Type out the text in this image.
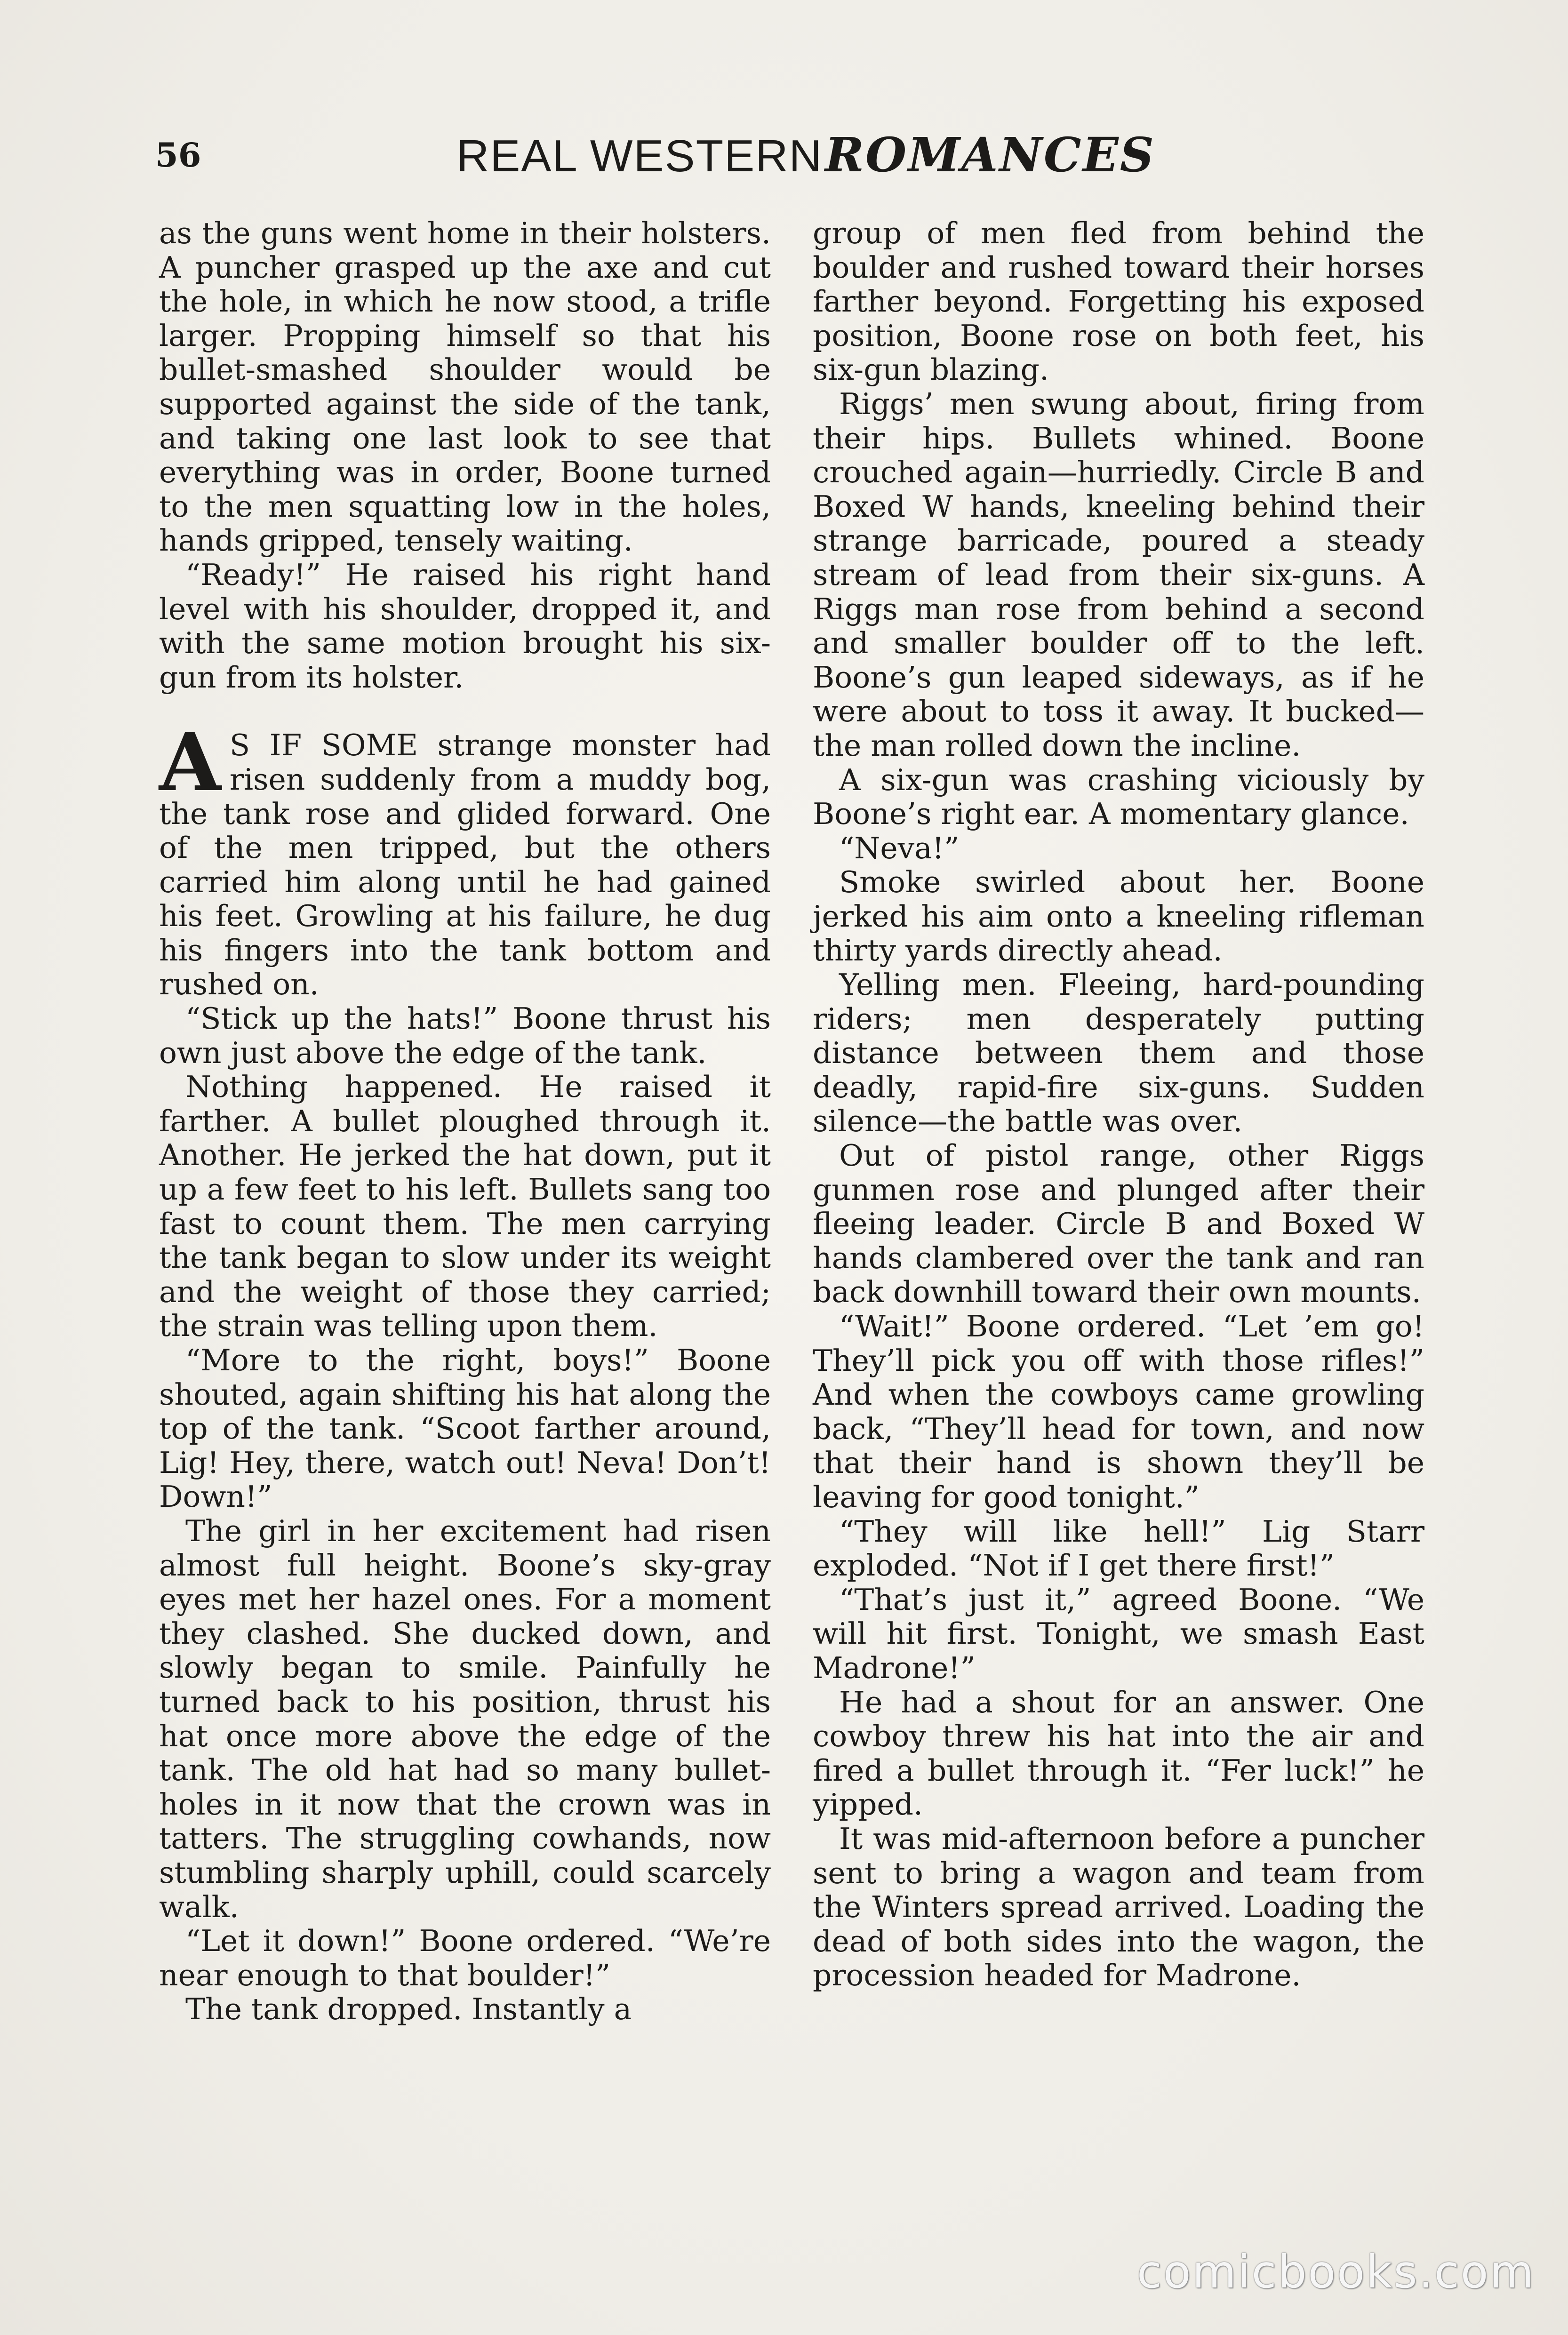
56	REAL WESTERN ROMANCES

as the guns went home in their holsters. A puncher grasped up the axe and cut the hole, in which he now stood, a trifle larger. Propping himself so that his bullet-smashed shoulder would be supported against the side of the tank, and taking one last look to see that everything was in order, Boone turned to the men squatting low in the holes, hands gripped, tensely waiting.

“Ready!” He raised his right hand level with his shoulder, dropped it, and with the same motion brought his six-gun from its holster.

A S IF SOME strange monster had risen suddenly from a muddy bog, the tank rose and glided forward. One of the men tripped, but the others carried him along until he had gained his feet. Growling at his failure, he dug his fingers into the tank bottom and rushed on.

“Stick up the hats!” Boone thrust his own just above the edge of the tank.

Nothing happened. He raised it farther. A bullet ploughed through it. Another. He jerked the hat down, put it up a few feet to his left. Bullets sang too fast to count them. The men carrying the tank began to slow under its weight and the weight of those they carried; the strain was telling upon them.

“More to the right, boys!” Boone shouted, again shifting his hat along the top of the tank. “Scoot farther around, Lig! Hey, there, watch out! Neva! Don’t! Down!”

The girl in her excitement had risen almost full height. Boone’s sky-gray eyes met her hazel ones. For a moment they clashed. She ducked down, and slowly began to smile. Painfully he turned back to his position, thrust his hat once more above the edge of the tank. The old hat had so many bullet-holes in it now that the crown was in tatters. The struggling cowhands, now stumbling sharply uphill, could scarcely walk.

“Let it down!” Boone ordered. “We’re near enough to that boulder!”

The tank dropped. Instantly a

group of men fled from behind the boulder and rushed toward their horses farther beyond. Forgetting his exposed position, Boone rose on both feet, his six-gun blazing.

Riggs’ men swung about, firing from their hips. Bullets whined. Boone crouched again—hurriedly. Circle B and Boxed W hands, kneeling behind their strange barricade, poured a steady stream of lead from their six-guns. A Riggs man rose from behind a second and smaller boulder off to the left. Boone’s gun leaped sideways, as if he were about to toss it away. It bucked—the man rolled down the incline.

A six-gun was crashing viciously by Boone’s right ear. A momentary glance.

“Neva!”

Smoke swirled about her. Boone jerked his aim onto a kneeling rifleman thirty yards directly ahead.

Yelling men. Fleeing, hard-pounding riders; men desperately putting distance between them and those deadly, rapid-fire six-guns. Sudden silence—the battle was over.

Out of pistol range, other Riggs gunmen rose and plunged after their fleeing leader. Circle B and Boxed W hands clambered over the tank and ran back downhill toward their own mounts.

“Wait!” Boone ordered. “Let ’em go! They’ll pick you off with those rifles!” And when the cowboys came growling back, “They’ll head for town, and now that their hand is shown they’ll be leaving for good tonight.”

“They will like hell!” Lig Starr exploded. “Not if I get there first!”

“That’s just it,” agreed Boone. “We will hit first. Tonight, we smash East Madrone!”

He had a shout for an answer. One cowboy threw his hat into the air and fired a bullet through it. “Fer luck!” he yipped.

It was mid-afternoon before a puncher sent to bring a wagon and team from the Winters spread arrived. Loading the dead of both sides into the wagon, the procession headed for Madrone.

comicbooks.com
